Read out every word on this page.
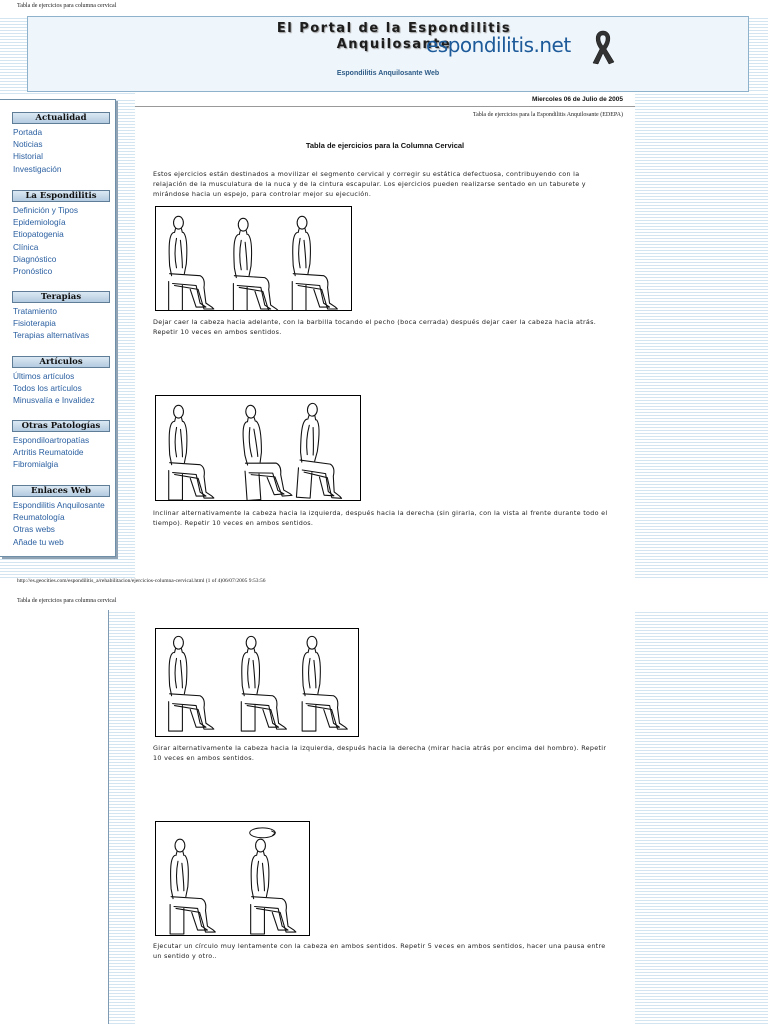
Tabla de ejercicios para columna cervical
El Portal de la Espondilitis
Anquilosante
espondilitis.net
Espondilitis Anquilosante Web
Actualidad
Portada
Noticias
Historial
Investigación
La Espondilitis
Definición y Tipos
Epidemiología
Etiopatogenia
Clínica
Diagnóstico
Pronóstico
Terapias
Tratamiento
Fisioterapia
Terapias alternativas
Artículos
Últimos artículos
Todos los artículos
Minusvalía e Invalidez
Otras Patologías
Espondiloartropatías
Artritis Reumatoide
Fibromialgia
Enlaces Web
Espondilitis Anquilosante
Reumatología
Otras webs
Añade tu web
Miercoles 06 de Julio de 2005
Tabla de ejercicios para la Espondilitis Anquilosante (EDEPA)
Tabla de ejercicios para la Columna Cervical

Estos ejercicios están destinados a movilizar el segmento cervical y corregir su estática defectuosa, contribuyendo con la relajación de la musculatura de la nuca y de la cintura escapular. Los ejercicios pueden realizarse sentado en un taburete y mirándose hacia un espejo, para controlar mejor su ejecución.

Dejar caer la cabeza hacia adelante, con la barbilla tocando el pecho (boca cerrada) después dejar caer la cabeza hacia atrás. Repetir 10 veces en ambos sentidos.

Inclinar alternativamente la cabeza hacia la izquierda, después hacia la derecha (sin girarla, con la vista al frente durante todo el tiempo). Repetir 10 veces en ambos sentidos.

http://es.geocities.com/espondilitis_a/rehabilitacion/ejercicios-columna-cervical.html (1 of 4)06/07/2005 9:53:56
Tabla de ejercicios para columna cervical

Girar alternativamente la cabeza hacia la izquierda, después hacia la derecha (mirar hacia atrás por encima del hombro). Repetir 10 veces en ambos sentidos.

Ejecutar un círculo muy lentamente con la cabeza en ambos sentidos. Repetir 5 veces en ambos sentidos, hacer una pausa entre un sentido y otro..
